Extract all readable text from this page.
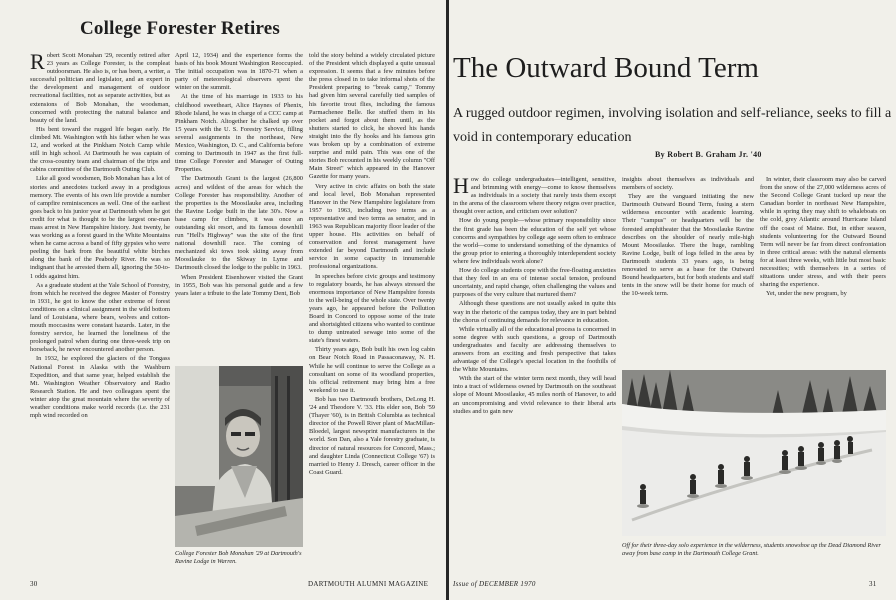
College Forester Retires

Robert Scott Monahan '29, recently retired after 23 years as College Forester, is the compleat outdoorsman. He also is, or has been, a writer, a successful politician and legislator, and an expert in the development and management of outdoor recreational facilities, not as separate activities, but as extensions of Bob Monahan, the woodsman, concerned with protecting the natural balance and beauty of the land.

His bent toward the rugged life began early. He climbed Mt. Washington with his father when he was 12, and worked at the Pinkham Notch Camp while still in high school. At Dartmouth he was captain of the cross-country team and chairman of the trips and cabins committee of the Dartmouth Outing Club.

Like all good woodsmen, Bob Monahan has a lot of stories and anecdotes tucked away in a prodigious memory. The events of his own life provide a number of campfire reminiscences as well. One of the earliest goes back to his junior year at Dartmouth when he got credit for what is thought to be the largest one-man mass arrest in New Hampshire history. Just twenty, he was working as a forest guard in the White Mountains when he came across a band of fifty gypsies who were peeling the bark from the beautiful white birches along the bank of the Peabody River. He was so indignant that he arrested them all, ignoring the 50-to-1 odds against him.

As a graduate student at the Yale School of Forestry, from which he received the degree Master of Forestry in 1931, he got to know the other extreme of forest conditions on a clinical assignment in the wild bottom land of Louisiana, where bears, wolves and cotton-mouth moccasins were constant hazards. Later, in the forestry service, he learned the loneliness of the prolonged patrol when during one three-week trip on horseback, he never encountered another person.

In 1932, he explored the glaciers of the Tongass National Forest in Alaska with the Washburn Expedition, and that same year, helped establish the Mt. Washington Weather Observatory and Radio Research Station. He and two colleagues spent the winter atop the great mountain where the severity of weather conditions make world records (i.e. the 231 mph wind recorded on

April 12, 1934) and the experience forms the basis of his book Mount Washington Reoccupied. The initial occupation was in 1870-71 when a party of meteorological observers spent the winter on the summit.

At the time of his marriage in 1933 to his childhood sweetheart, Alice Haynes of Phenix, Rhode Island, he was in charge of a CCC camp at Pinkham Notch. Altogether he chalked up over 15 years with the U. S. Forestry Service, filling several assignments in the northeast, New Mexico, Washington, D. C., and California before coming to Dartmouth in 1947 as the first full-time College Forester and Manager of Outing Properties.

The Dartmouth Grant is the largest (26,800 acres) and wildest of the areas for which the College Forester has responsibility. Another of the properties is the Moosilauke area, including the Ravine Lodge built in the late 30's. Now a base camp for climbers, it was once an outstanding ski resort, and its famous downhill run "Hell's Highway" was the site of the first national downhill race. The coming of mechanized ski tows took skiing away from Moosilauke to the Skiway in Lyme and Dartmouth closed the lodge to the public in 1963.

When President Eisenhower visited the Grant in 1955, Bob was his personal guide and a few years later a tribute to the late Tommy Dent, Bob

College Forester Bob Monahan '29 at Dartmouth's Ravine Lodge in Warren.

told the story behind a widely circulated picture of the President which displayed a quite unusual expression. It seems that a few minutes before the press closed in to take informal shots of the President preparing to "break camp," Tommy had given him several carefully tied samples of his favorite trout flies, including the famous Parmachenee Belle. Ike stuffed them in his pocket and forgot about them until, as the shutters started to click, he shoved his hands straight into the fly hooks and his famous grin was broken up by a combination of extreme surprise and mild pain. This was one of the stories Bob recounted in his weekly column "Off Main Street" which appeared in the Hanover Gazette for many years.

Very active in civic affairs on both the state and local level, Bob Monahan represented Hanover in the New Hampshire legislature from 1957 to 1963, including two terms as a representative and two terms as senator, and in 1963 was Republican majority floor leader of the upper house. His activities on behalf of conservation and forest management have extended far beyond Dartmouth and include service in some capacity in innumerable professional organizations.

In speeches before civic groups and testimony to regulatory boards, he has always stressed the enormous importance of New Hampshire forests to the well-being of the whole state. Over twenty years ago, he appeared before the Pollution Board in Concord to oppose some of the irate and shortsighted citizens who wanted to continue to dump untreated sewage into some of the state's finest waters.

Thirty years ago, Bob built his own log cabin on Bear Notch Road in Passaconaway, N. H. While he will continue to serve the College as a consultant on some of its woodland properties, his official retirement may bring him a free weekend to use it.

Bob has two Dartmouth brothers, DeLong H. '24 and Theodore V. '33. His elder son, Bob '59 (Thayer '60), is in British Columbia as technical director of the Powell River plant of MacMillan-Bloedel, largest newsprint manufacturers in the world. Son Dan, also a Yale forestry graduate, is director of natural resources for Concord, Mass.; and daughter Linda (Connecticut College '67) is married to Henry J. Dresch, career officer in the Coast Guard.

30	DARTMOUTH ALUMNI MAGAZINE
The Outward Bound Term
A rugged outdoor regimen, involving isolation and self-reliance, seeks to fill a void in contemporary education
By Robert B. Graham Jr. '40

How do college undergraduates—intelligent, sensitive, and brimming with energy—come to know themselves as individuals in a society that rarely tests them except in the arena of the classroom where theory reigns over practice, thought over action, and criticism over solution?

How do young people—whose primary responsibility since the first grade has been the education of the self yet whose concerns and sympathies by college age seem often to embrace the world—come to understand something of the dynamics of the group prior to entering a thoroughly interdependent society where few individuals work alone?

How do college students cope with the free-floating anxieties that they feel in an era of intense social tension, profound uncertainty, and rapid change, often challenging the values and purposes of the very culture that nurtured them?

Although these questions are not usually asked in quite this way in the rhetoric of the campus today, they are in part behind the chorus of continuing demands for relevance in education.

While virtually all of the educational process is concerned in some degree with such questions, a group of Dartmouth undergraduates and faculty are addressing themselves to answers from an exciting and fresh perspective that takes advantage of the College's special location in the foothills of the White Mountains.

With the start of the winter term next month, they will head into a tract of wilderness owned by Dartmouth on the southeast slope of Mount Moosilauke, 45 miles north of Hanover, to add an uncompromising and vivid relevance to their liberal arts studies and to gain new

insights about themselves as individuals and members of society.

They are the vanguard initiating the new Dartmouth Outward Bound Term, fusing a stern wilderness encounter with academic learning. Their "campus" or headquarters will be the forested amphitheater that the Moosilauke Ravine describes on the shoulder of nearly mile-high Mount Moosilauke. There the huge, rambling Ravine Lodge, built of logs felled in the area by Dartmouth students 33 years ago, is being renovated to serve as a base for the Outward Bound headquarters, but for both students and staff tents in the snow will be their home for much of the 10-week term.

In winter, their classroom may also be carved from the snow of the 27,000 wilderness acres of the Second College Grant tucked up near the Canadian border in northeast New Hampshire, while in spring they may shift to whaleboats on the cold, grey Atlantic around Hurricane Island off the coast of Maine. But, in either season, students volunteering for the Outward Bound Term will never be far from direct confrontation in three critical areas: with the natural elements for at least three weeks, with little but most basic necessities; with themselves in a series of situations under stress, and with their peers sharing the experience.

Yet, under the new program, by

Off for their three-day solo experience in the wilderness, students snowshoe up the Dead Diamond River away from base camp in the Dartmouth College Grant.
Issue of DECEMBER 1970	31
